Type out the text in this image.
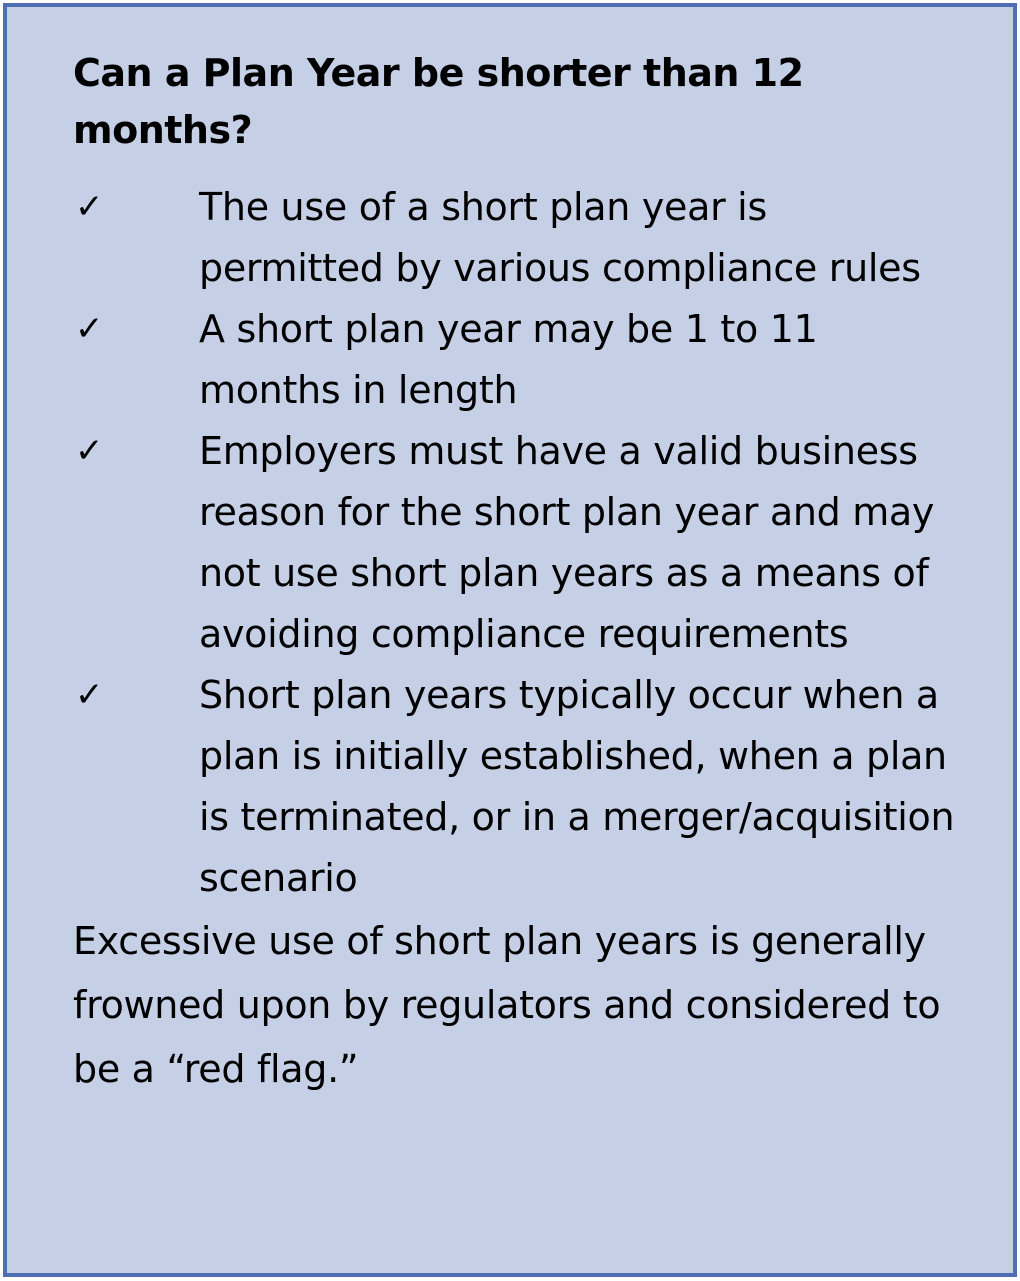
Can a Plan Year be shorter than 12 months?
✓	The use of a short plan year is permitted by various compliance rules
✓	A short plan year may be 1 to 11 months in length
✓	Employers must have a valid business reason for the short plan year and may not use short plan years as a means of avoiding compliance requirements
✓	Short plan years typically occur when a plan is initially established, when a plan is terminated, or in a merger/acquisition scenario

Excessive use of short plan years is generally frowned upon by regulators and considered to be a “red flag.”
